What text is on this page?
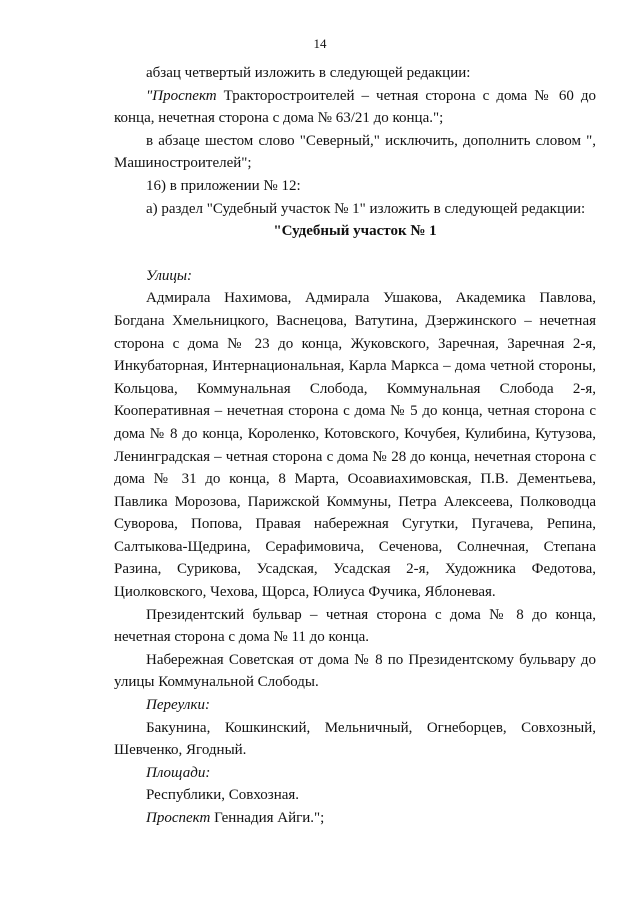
14

абзац четвертый изложить в следующей редакции:

"Проспект Тракторостроителей – четная сторона с дома № 60 до конца, нечетная сторона с дома № 63/21 до конца.";

в абзаце шестом слово "Северный," исключить, дополнить словом ", Машиностроителей";

16) в приложении № 12:

а) раздел "Судебный участок № 1" изложить в следующей редакции:

"Судебный участок № 1

Улицы:

Адмирала Нахимова, Адмирала Ушакова, Академика Павлова, Богдана Хмельницкого, Васнецова, Ватутина, Дзержинского – нечетная сторона с дома № 23 до конца, Жуковского, Заречная, Заречная 2-я, Инкубаторная, Интернациональная, Карла Маркса – дома четной стороны, Кольцова, Коммунальная Слобода, Коммунальная Слобода 2-я, Кооперативная – нечетная сторона с дома № 5 до конца, четная сторона с дома № 8 до конца, Короленко, Котовского, Кочубея, Кулибина, Кутузова, Ленинградская – четная сторона с дома № 28 до конца, нечетная сторона с дома № 31 до конца, 8 Марта, Осоавиахимовская, П.В. Дементьева, Павлика Морозова, Парижской Коммуны, Петра Алексеева, Полководца Суворова, Попова, Правая набережная Сугутки, Пугачева, Репина, Салтыкова-Щедрина, Серафимовича, Сеченова, Солнечная, Степана Разина, Сурикова, Усадская, Усадская 2-я, Художника Федотова, Циолковского, Чехова, Щорса, Юлиуса Фучика, Яблоневая.

Президентский бульвар – четная сторона с дома № 8 до конца, нечетная сторона с дома № 11 до конца.

Набережная Советская от дома № 8 по Президентскому бульвару до улицы Коммунальной Слободы.

Переулки:

Бакунина, Кошкинский, Мельничный, Огнеборцев, Совхозный, Шевченко, Ягодный.

Площади:

Республики, Совхозная.

Проспект Геннадия Айги.";
